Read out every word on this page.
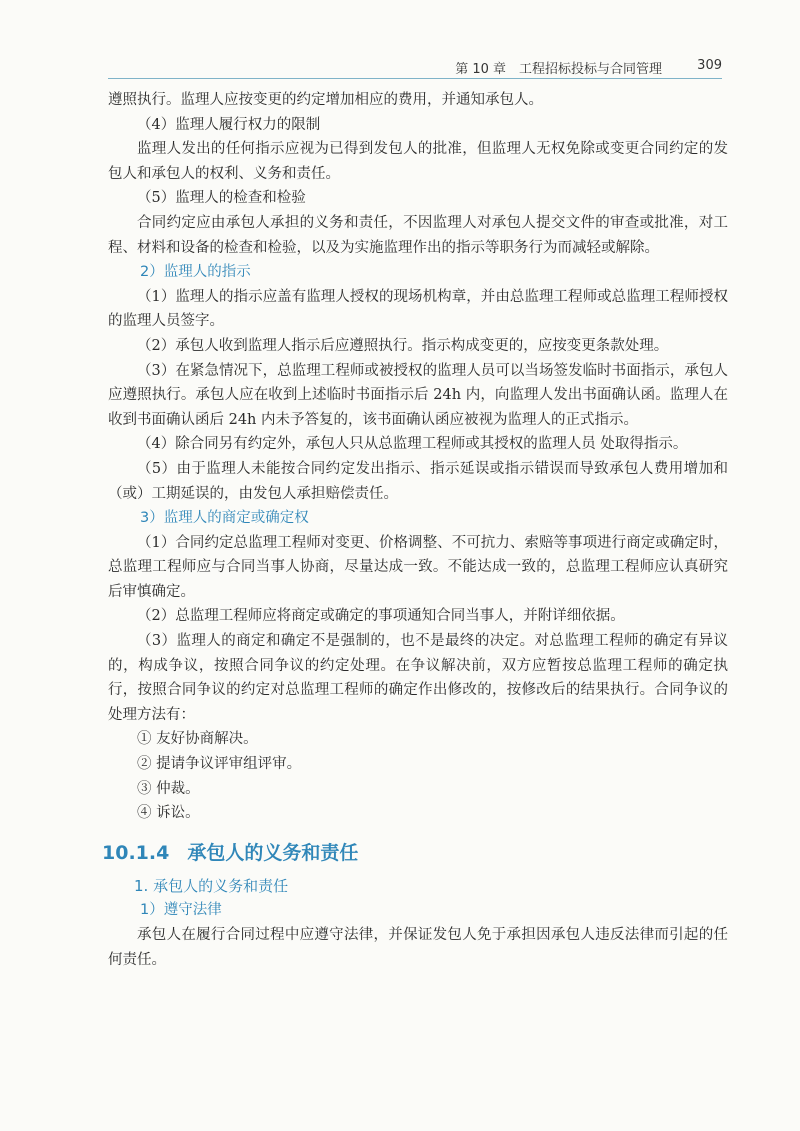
第 10 章　工程招标投标与合同管理	309

遵照执行。监理人应按变更的约定增加相应的费用，并通知承包人。

（4）监理人履行权力的限制

监理人发出的任何指示应视为已得到发包人的批准，但监理人无权免除或变更合同约定的发包人和承包人的权利、义务和责任。

（5）监理人的检查和检验

合同约定应由承包人承担的义务和责任，不因监理人对承包人提交文件的审查或批准，对工程、材料和设备的检查和检验，以及为实施监理作出的指示等职务行为而减轻或解除。

2）监理人的指示

（1）监理人的指示应盖有监理人授权的现场机构章，并由总监理工程师或总监理工程师授权的监理人员签字。

（2）承包人收到监理人指示后应遵照执行。指示构成变更的，应按变更条款处理。

（3）在紧急情况下，总监理工程师或被授权的监理人员可以当场签发临时书面指示，承包人应遵照执行。承包人应在收到上述临时书面指示后 24h 内，向监理人发出书面确认函。监理人在收到书面确认函后 24h 内未予答复的，该书面确认函应被视为监理人的正式指示。

（4）除合同另有约定外，承包人只从总监理工程师或其授权的监理人员 处取得指示。

（5）由于监理人未能按合同约定发出指示、指示延误或指示错误而导致承包人费用增加和（或）工期延误的，由发包人承担赔偿责任。

3）监理人的商定或确定权

（1）合同约定总监理工程师对变更、价格调整、不可抗力、索赔等事项进行商定或确定时，总监理工程师应与合同当事人协商，尽量达成一致。不能达成一致的，总监理工程师应认真研究后审慎确定。

（2）总监理工程师应将商定或确定的事项通知合同当事人，并附详细依据。

（3）监理人的商定和确定不是强制的，也不是最终的决定。对总监理工程师的确定有异议的，构成争议，按照合同争议的约定处理。在争议解决前，双方应暂按总监理工程师的确定执行，按照合同争议的约定对总监理工程师的确定作出修改的，按修改后的结果执行。合同争议的处理方法有：

① 友好协商解决。

② 提请争议评审组评审。

③ 仲裁。

④ 诉讼。

10.1.4 承包人的义务和责任
1. 承包人的义务和责任
1）遵守法律

承包人在履行合同过程中应遵守法律，并保证发包人免于承担因承包人违反法律而引起的任何责任。
